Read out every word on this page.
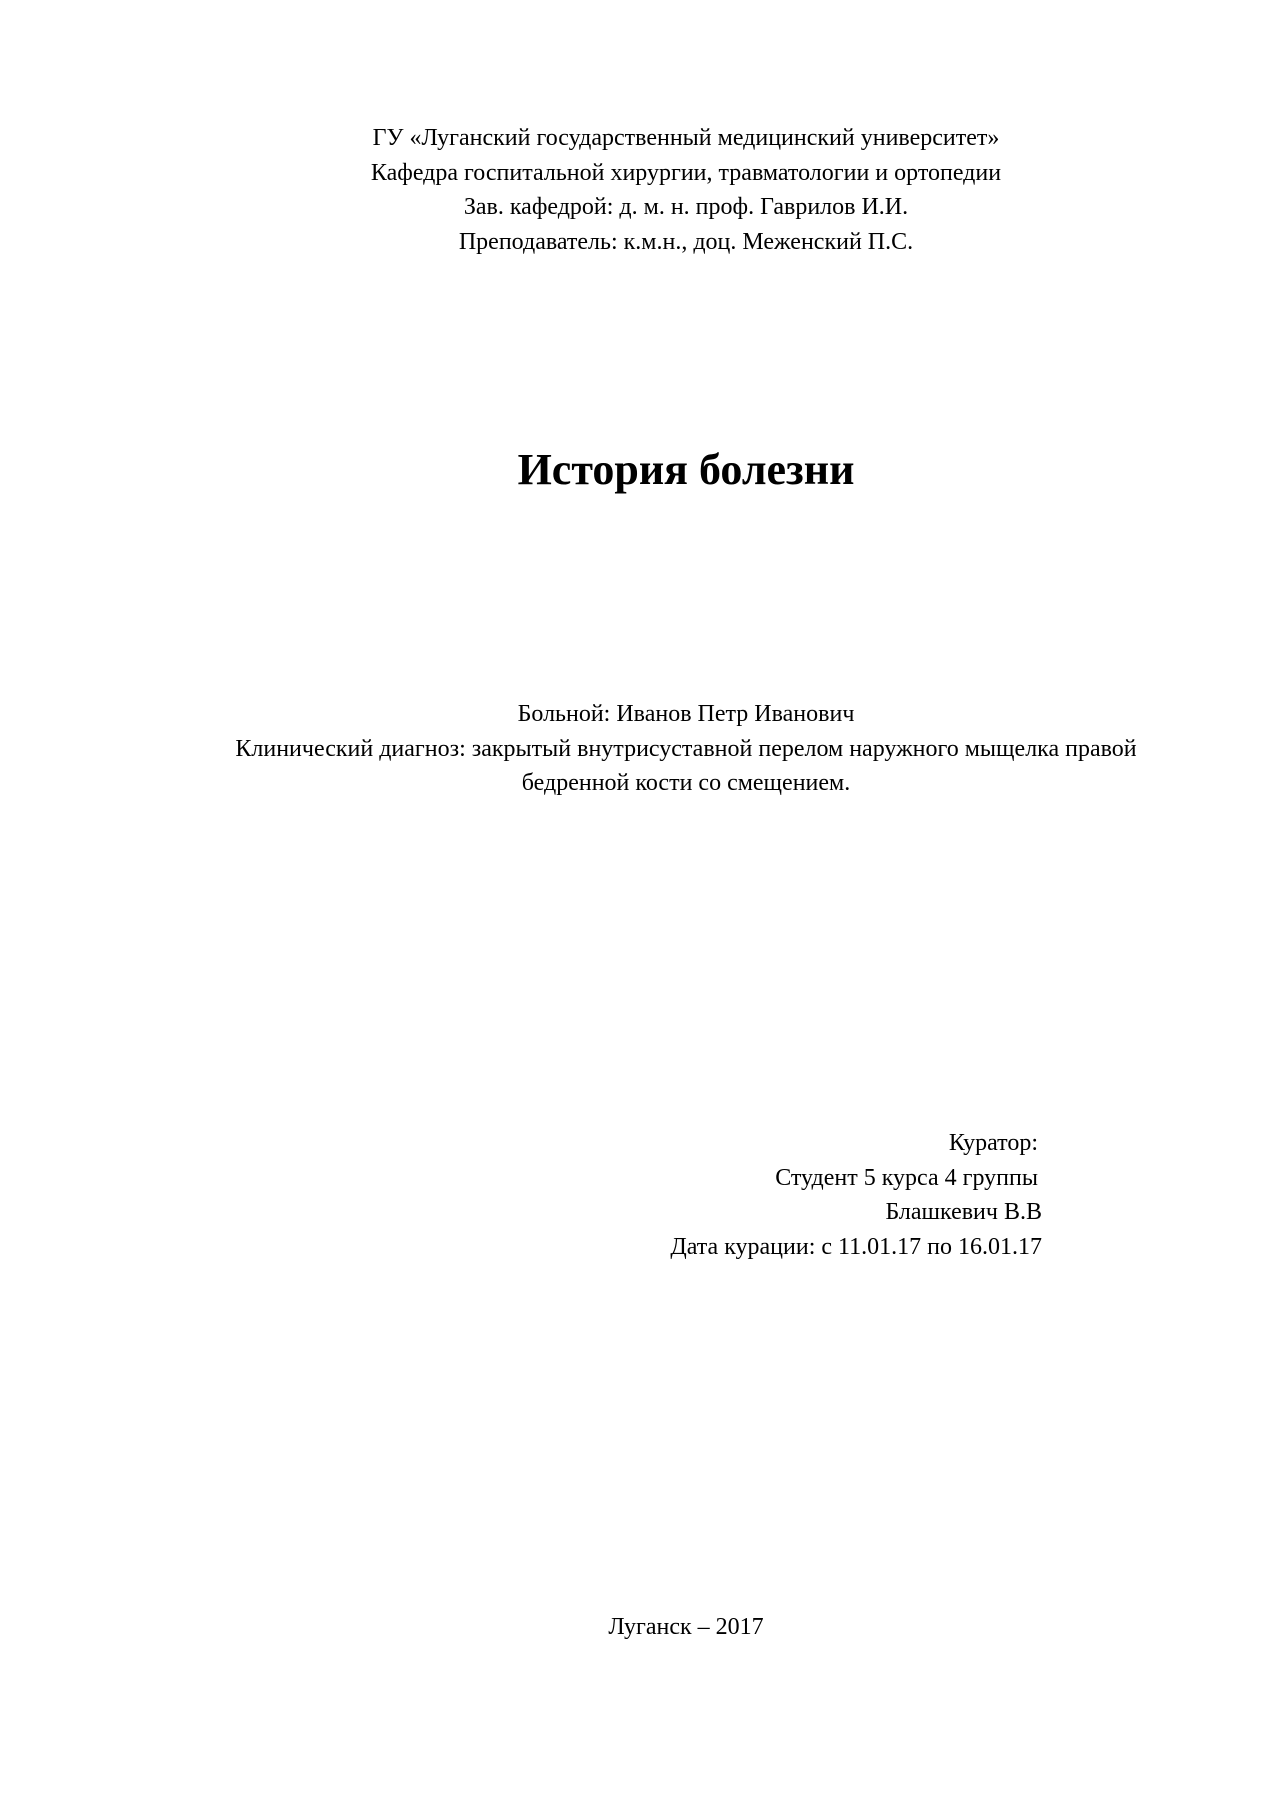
ГУ «Луганский государственный медицинский университет»
Кафедра госпитальной хирургии, травматологии и ортопедии
Зав. кафедрой: д. м. н. проф. Гаврилов И.И.
Преподаватель: к.м.н., доц. Меженский П.С.
История болезни
Больной: Иванов Петр Иванович
Клинический диагноз: закрытый внутрисуставной перелом наружного мыщелка правой
бедренной кости со смещением.
Куратор:
Студент 5 курса 4 группы
Блашкевич В.В
Дата курации: с 11.01.17 по 16.01.17
Луганск – 2017
